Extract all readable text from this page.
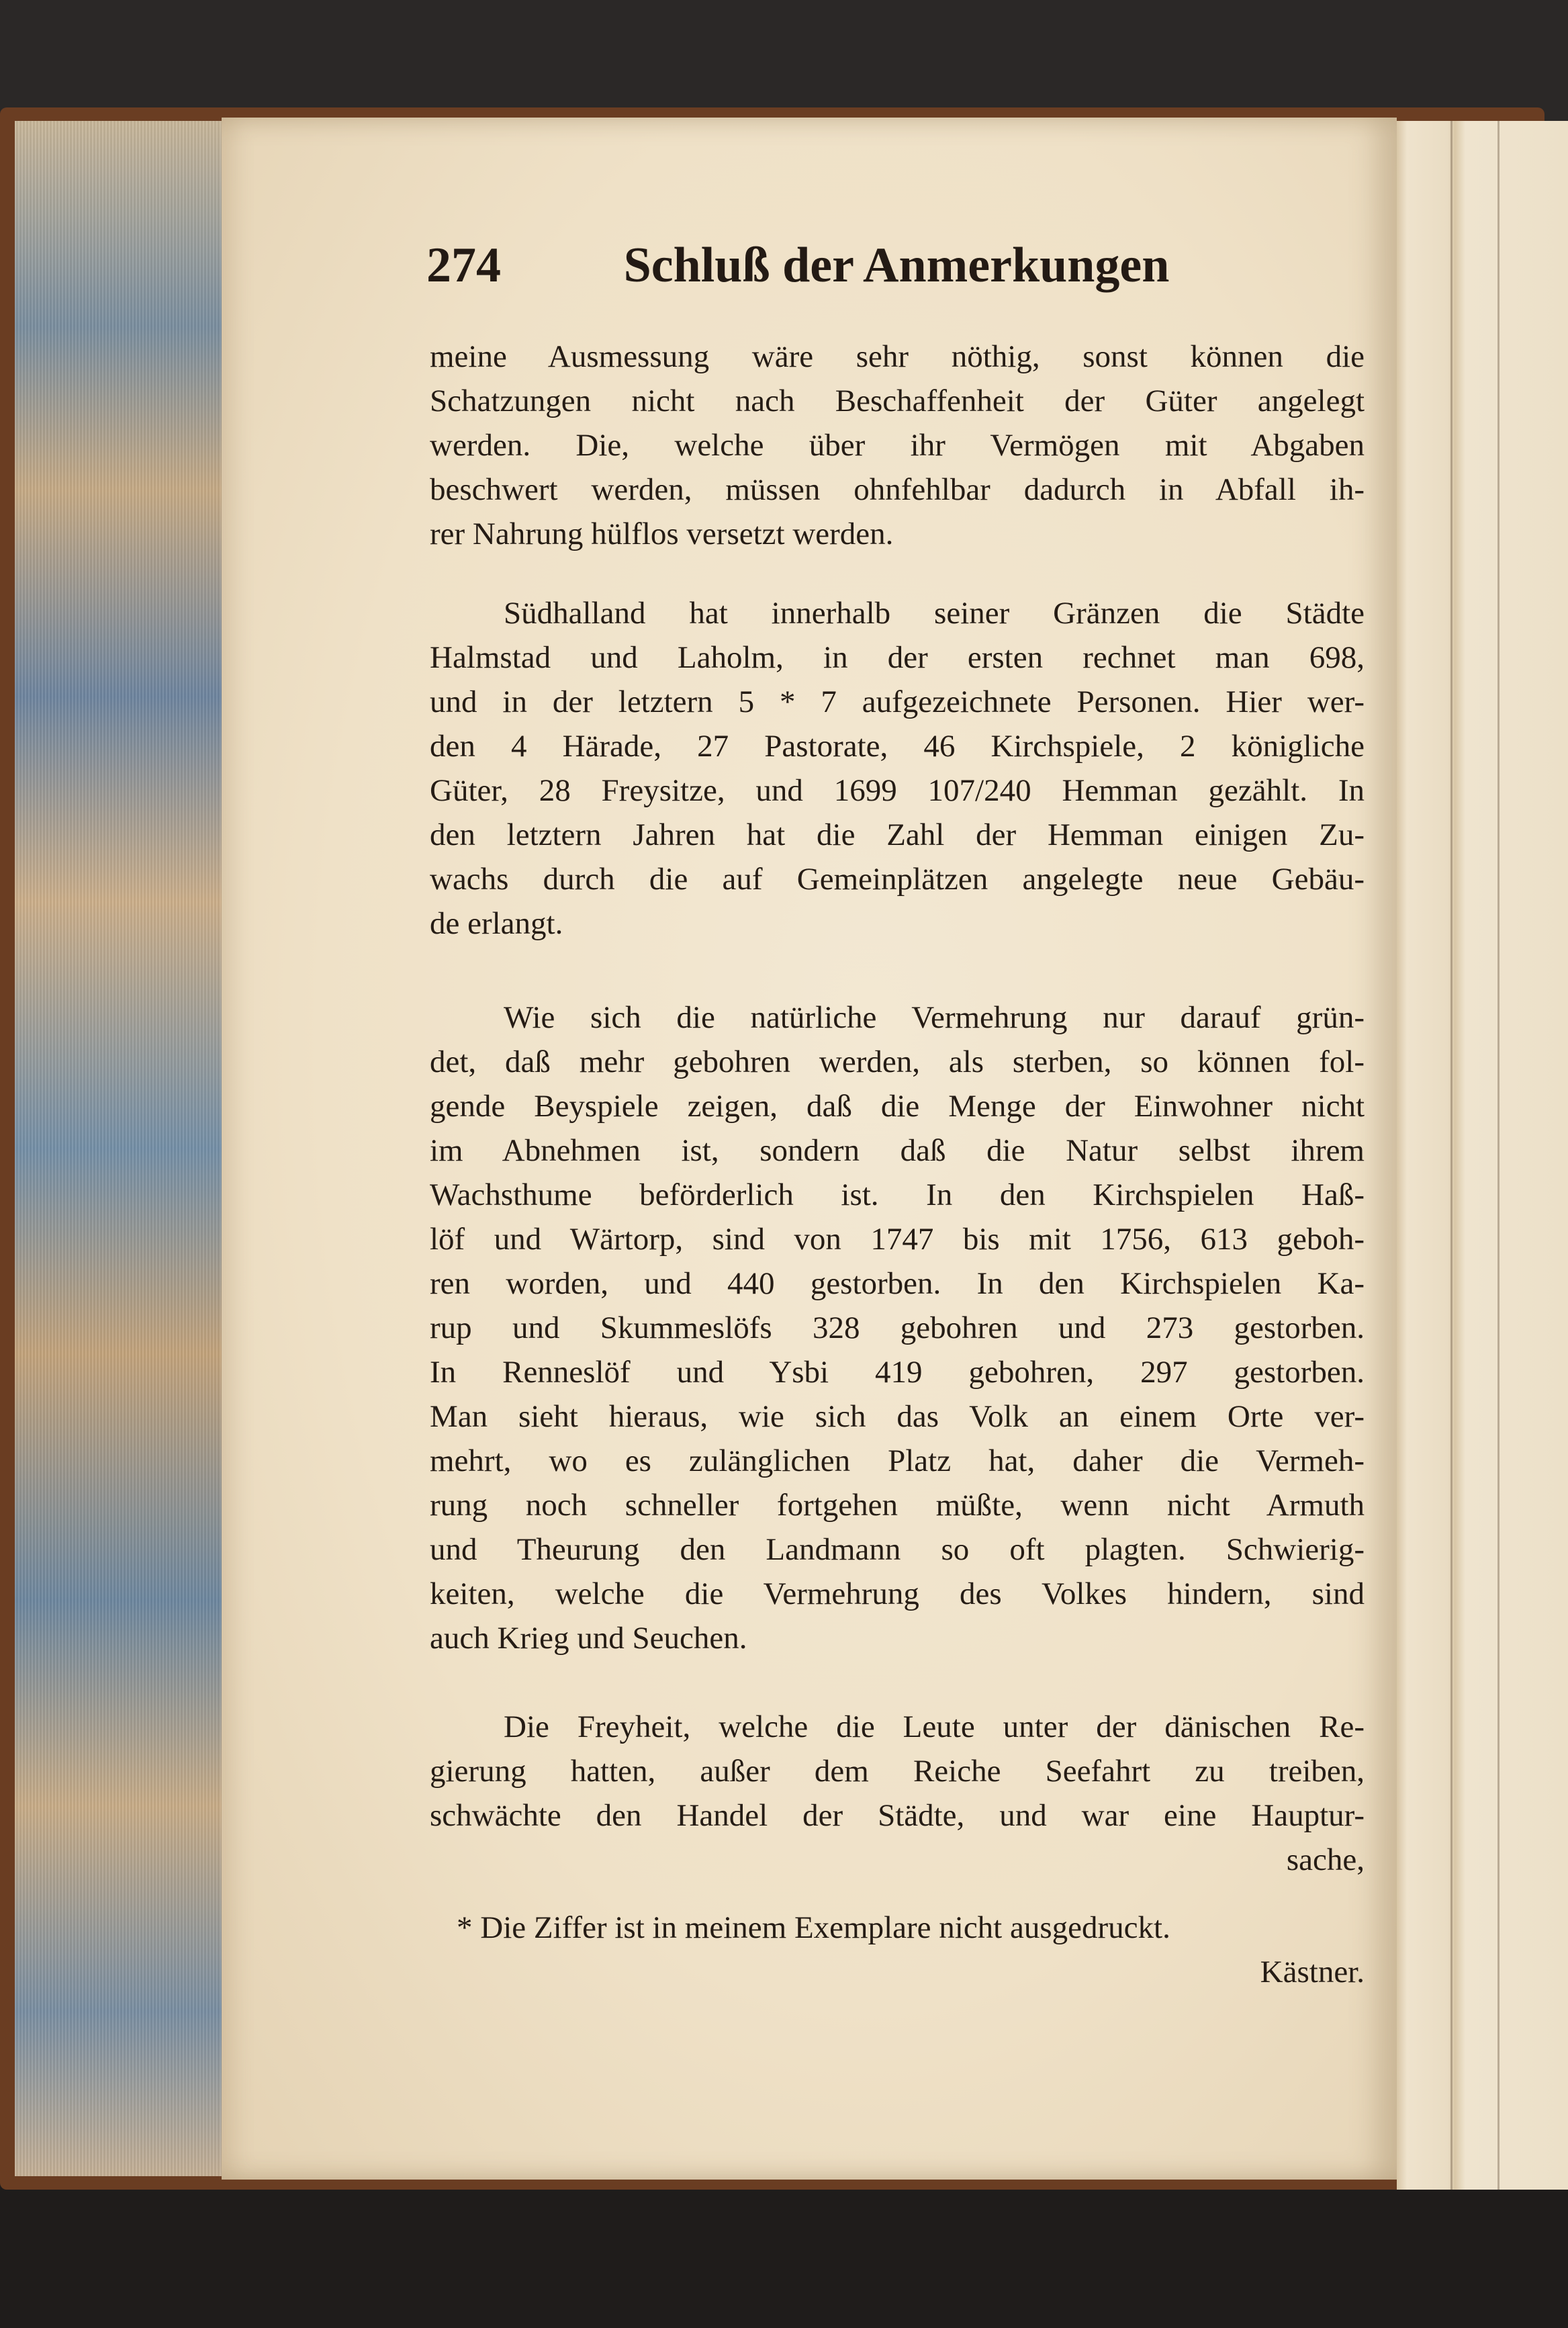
274 Schluß der Anmerkungen
meine Ausmessung wäre sehr nöthig, sonst können die
Schatzungen nicht nach Beschaffenheit der Güter angelegt
werden. Die, welche über ihr Vermögen mit Abgaben
beschwert werden, müssen ohnfehlbar dadurch in Abfall ih-
rer Nahrung hülflos versetzt werden.
Südhalland hat innerhalb seiner Gränzen die Städte
Halmstad und Laholm, in der ersten rechnet man 698,
und in der letztern 5 * 7 aufgezeichnete Personen. Hier wer-
den 4 Härade, 27 Pastorate, 46 Kirchspiele, 2 königliche
Güter, 28 Freysitze, und 1699 107/240 Hemman gezählt. In
den letztern Jahren hat die Zahl der Hemman einigen Zu-
wachs durch die auf Gemeinplätzen angelegte neue Gebäu-
de erlangt.
Wie sich die natürliche Vermehrung nur darauf grün-
det, daß mehr gebohren werden, als sterben, so können fol-
gende Beyspiele zeigen, daß die Menge der Einwohner nicht
im Abnehmen ist, sondern daß die Natur selbst ihrem
Wachsthume beförderlich ist. In den Kirchspielen Haß-
löf und Wärtorp, sind von 1747 bis mit 1756, 613 geboh-
ren worden, und 440 gestorben. In den Kirchspielen Ka-
rup und Skummeslöfs 328 gebohren und 273 gestorben.
In Renneslöf und Ysbi 419 gebohren, 297 gestorben.
Man sieht hieraus, wie sich das Volk an einem Orte ver-
mehrt, wo es zulänglichen Platz hat, daher die Vermeh-
rung noch schneller fortgehen müßte, wenn nicht Armuth
und Theurung den Landmann so oft plagten. Schwierig-
keiten, welche die Vermehrung des Volkes hindern, sind
auch Krieg und Seuchen.
Die Freyheit, welche die Leute unter der dänischen Re-
gierung hatten, außer dem Reiche Seefahrt zu treiben,
schwächte den Handel der Städte, und war eine Hauptur-
sache,
* Die Ziffer ist in meinem Exemplare nicht ausgedruckt.
Kästner.
